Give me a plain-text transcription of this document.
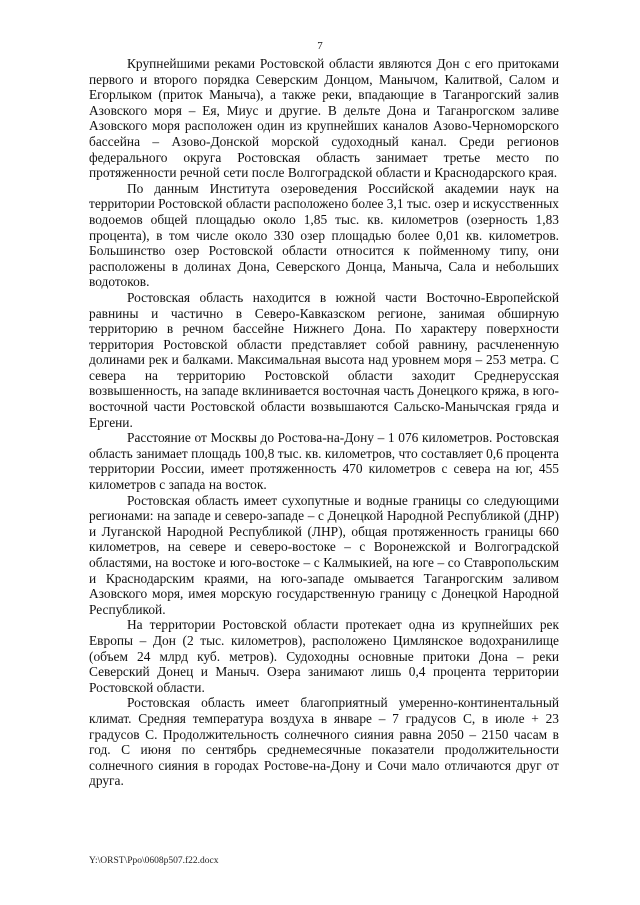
7

Крупнейшими реками Ростовской области являются Дон с его притоками первого и второго порядка Северским Донцом, Манычом, Калитвой, Салом и Егорлыком (приток Маныча), а также реки, впадающие в Таганрогский залив Азовского моря – Ея, Миус и другие. В дельте Дона и Таганрогском заливе Азовского моря расположен один из крупнейших каналов Азово-Черноморского бассейна – Азово-Донской морской судоходный канал. Среди регионов федерального округа Ростовская область занимает третье место по протяженности речной сети после Волгоградской области и Краснодарского края.

По данным Института озероведения Российской академии наук на территории Ростовской области расположено более 3,1 тыс. озер и искусственных водоемов общей площадью около 1,85 тыс. кв. километров (озерность 1,83 процента), в том числе около 330 озер площадью более 0,01 кв. километров. Большинство озер Ростовской области относится к пойменному типу, они расположены в долинах Дона, Северского Донца, Маныча, Сала и небольших водотоков.

Ростовская область находится в южной части Восточно-Европейской равнины и частично в Северо-Кавказском регионе, занимая обширную территорию в речном бассейне Нижнего Дона. По характеру поверхности территория Ростовской области представляет собой равнину, расчлененную долинами рек и балками. Максимальная высота над уровнем моря – 253 метра. С севера на территорию Ростовской области заходит Среднерусская возвышенность, на западе вклинивается восточная часть Донецкого кряжа, в юго-восточной части Ростовской области возвышаются Сальско-Манычская гряда и Ергени.

Расстояние от Москвы до Ростова-на-Дону – 1 076 километров. Ростовская область занимает площадь 100,8 тыс. кв. километров, что составляет 0,6 процента территории России, имеет протяженность 470 километров с севера на юг, 455 километров с запада на восток.

Ростовская область имеет сухопутные и водные границы со следующими регионами: на западе и северо-западе – с Донецкой Народной Республикой (ДНР) и Луганской Народной Республикой (ЛНР), общая протяженность границы 660 километров, на севере и северо-востоке – с Воронежской и Волгоградской областями, на востоке и юго-востоке – с Калмыкией, на юге – со Ставропольским и Краснодарским краями, на юго-западе омывается Таганрогским заливом Азовского моря, имея морскую государственную границу с Донецкой Народной Республикой.

На территории Ростовской области протекает одна из крупнейших рек Европы – Дон (2 тыс. километров), расположено Цимлянское водохранилище (объем 24 млрд куб. метров). Судоходны основные притоки Дона – реки Северский Донец и Маныч. Озера занимают лишь 0,4 процента территории Ростовской области.

Ростовская область имеет благоприятный умеренно-континентальный климат. Средняя температура воздуха в январе – 7 градусов С, в июле + 23 градусов С. Продолжительность солнечного сияния равна 2050 – 2150 часам в год. С июня по сентябрь среднемесячные показатели продолжительности солнечного сияния в городах Ростове-на-Дону и Сочи мало отличаются друг от друга.

Y:\ORST\Ppo\0608p507.f22.docx
